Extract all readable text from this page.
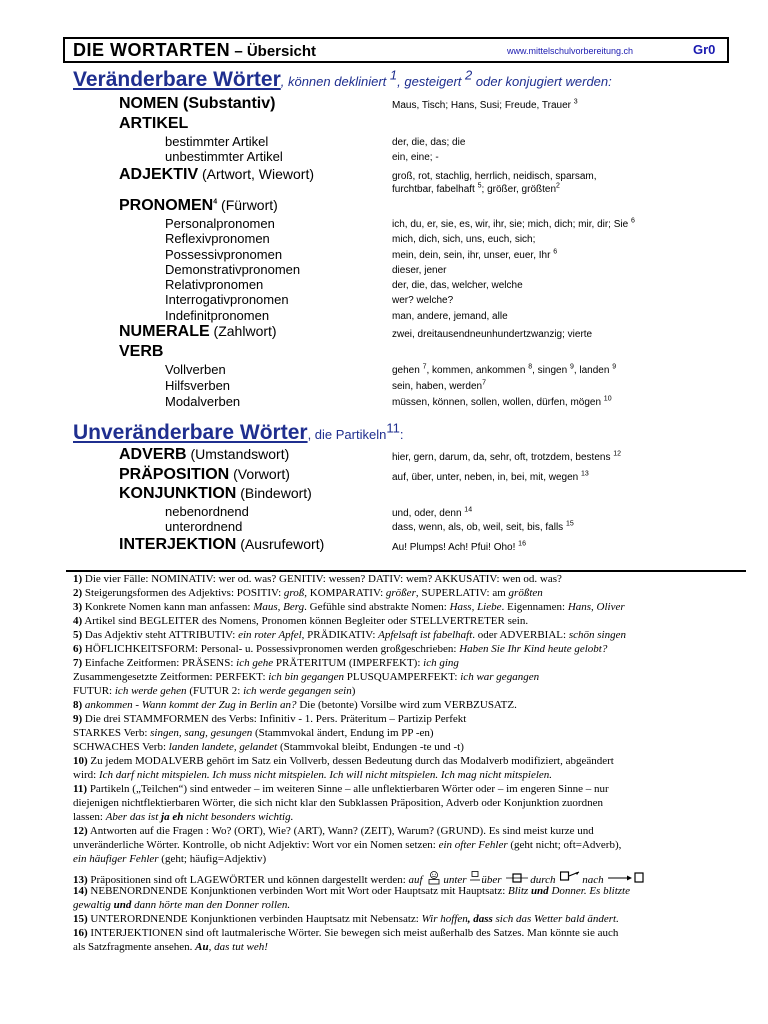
DIE WORTARTEN – Übersicht	www.mittelschulvorbereitung.ch	Gr0
Veränderbare Wörter, können dekliniert $^1$, gesteigert $^2$ oder konjugiert werden:
NOMEN (Substantiv)	Maus, Tisch; Hans, Susi; Freude, Trauer $^3$
ARTIKEL
bestimmter Artikel	der, die, das; die
unbestimmter Artikel	ein, eine; -
ADJEKTIV (Artwort, Wiewort)	groß, rot, stachlig, herrlich, neidisch, sparsam,
furchtbar, fabelhaft $^5$; größer, größten$^2$
PRONOMEN$^4$ (Fürwort)
Personalpronomen	ich, du, er, sie, es, wir, ihr, sie; mich, dich; mir, dir; Sie $^6$
Reflexivpronomen	mich, dich, sich, uns, euch, sich;
Possessivpronomen	mein, dein, sein, ihr, unser, euer, Ihr $^6$
Demonstrativpronomen	dieser, jener
Relativpronomen	der, die, das, welcher, welche
Interrogativpronomen	wer? welche?
Indefinitpronomen	man, andere, jemand, alle
NUMERALE (Zahlwort)	zwei, dreitausendneunhundertzwanzig; vierte
VERB
Vollverben	gehen $^7$, kommen, ankommen $^8$, singen $^9$, landen $^9$
Hilfsverben	sein, haben, werden$^7$
Modalverben	müssen, können, sollen, wollen, dürfen, mögen $^{10}$
Unveränderbare Wörter, die Partikeln$^{11}$:
ADVERB (Umstandswort)	hier, gern, darum, da, sehr, oft, trotzdem, bestens $^{12}$
PRÄPOSITION (Vorwort)	auf, über, unter, neben, in, bei, mit, wegen $^{13}$
KONJUNKTION (Bindewort)
nebenordnend	und, oder, denn $^{14}$
unterordnend	dass, wenn, als, ob, weil, seit, bis, falls $^{15}$
INTERJEKTION (Ausrufewort)	Au! Plumps! Ach! Pfui! Oho! $^{16}$
1) Die vier Fälle: NOMINATIV: wer od. was? GENITIV: wessen? DATIV: wem? AKKUSATIV: wen od. was?
2) Steigerungsformen des Adjektivs: POSITIV: groß, KOMPARATIV: größer, SUPERLATIV: am größten
3) Konkrete Nomen kann man anfassen: Maus, Berg. Gefühle sind abstrakte Nomen: Hass, Liebe. Eigennamen: Hans, Oliver
4) Artikel sind BEGLEITER des Nomens, Pronomen können Begleiter oder STELLVERTRETER sein.
5) Das Adjektiv steht ATTRIBUTIV: ein roter Apfel, PRÄDIKATIV: Apfelsaft ist fabelhaft. oder ADVERBIAL: schön singen
6) HÖFLICHKEITSFORM: Personal- u. Possessivpronomen werden großgeschrieben: Haben Sie Ihr Kind heute gelobt?
7) Einfache Zeitformen: PRÄSENS: ich gehe PRÄTERITUM (IMPERFEKT): ich ging
Zusammengesetzte Zeitformen: PERFEKT: ich bin gegangen PLUSQUAMPERFEKT: ich war gegangen
FUTUR: ich werde gehen (FUTUR 2: ich werde gegangen sein)
8) ankommen - Wann kommt der Zug in Berlin an? Die (betonte) Vorsilbe wird zum VERBZUSATZ.
9) Die drei STAMMFORMEN des Verbs: Infinitiv - 1. Pers. Präteritum – Partizip Perfekt
STARKES Verb: singen, sang, gesungen (Stammvokal ändert, Endung im PP -en)
SCHWACHES Verb: landen landete, gelandet (Stammvokal bleibt, Endungen -te und -t)
10) Zu jedem MODALVERB gehört im Satz ein Vollverb, dessen Bedeutung durch das Modalverb modifiziert, abgeändert
wird: Ich darf nicht mitspielen. Ich muss nicht mitspielen. Ich will nicht mitspielen. Ich mag nicht mitspielen.
11) Partikeln („Teilchen“) sind entweder – im weiteren Sinne – alle unflektierbaren Wörter oder – im engeren Sinne – nur
diejenigen nichtflektierbaren Wörter, die sich nicht klar den Subklassen Präposition, Adverb oder Konjunktion zuordnen
lassen: Aber das ist ja eh nicht besonders wichtig.
12) Antworten auf die Fragen : Wo? (ORT), Wie? (ART), Wann? (ZEIT), Warum? (GRUND). Es sind meist kurze und
unveränderliche Wörter. Kontrolle, ob nicht Adjektiv: Wort vor ein Nomen setzen: ein ofter Fehler (geht nicht; oft=Adverb),
ein häufiger Fehler (geht; häufig=Adjektiv)
13) Präpositionen sind oft LAGEWÖRTER und können dargestellt werden: auf unter über	durch nach
14) NEBENORDNENDE Konjunktionen verbinden Wort mit Wort oder Hauptsatz mit Hauptsatz: Blitz und Donner. Es blitzte
gewaltig und dann hörte man den Donner rollen.
15) UNTERORDNENDE Konjunktionen verbinden Hauptsatz mit Nebensatz: Wir hoffen, dass sich das Wetter bald ändert.
16) INTERJEKTIONEN sind oft lautmalerische Wörter. Sie bewegen sich meist außerhalb des Satzes. Man könnte sie auch
als Satzfragmente ansehen. Au, das tut weh!
